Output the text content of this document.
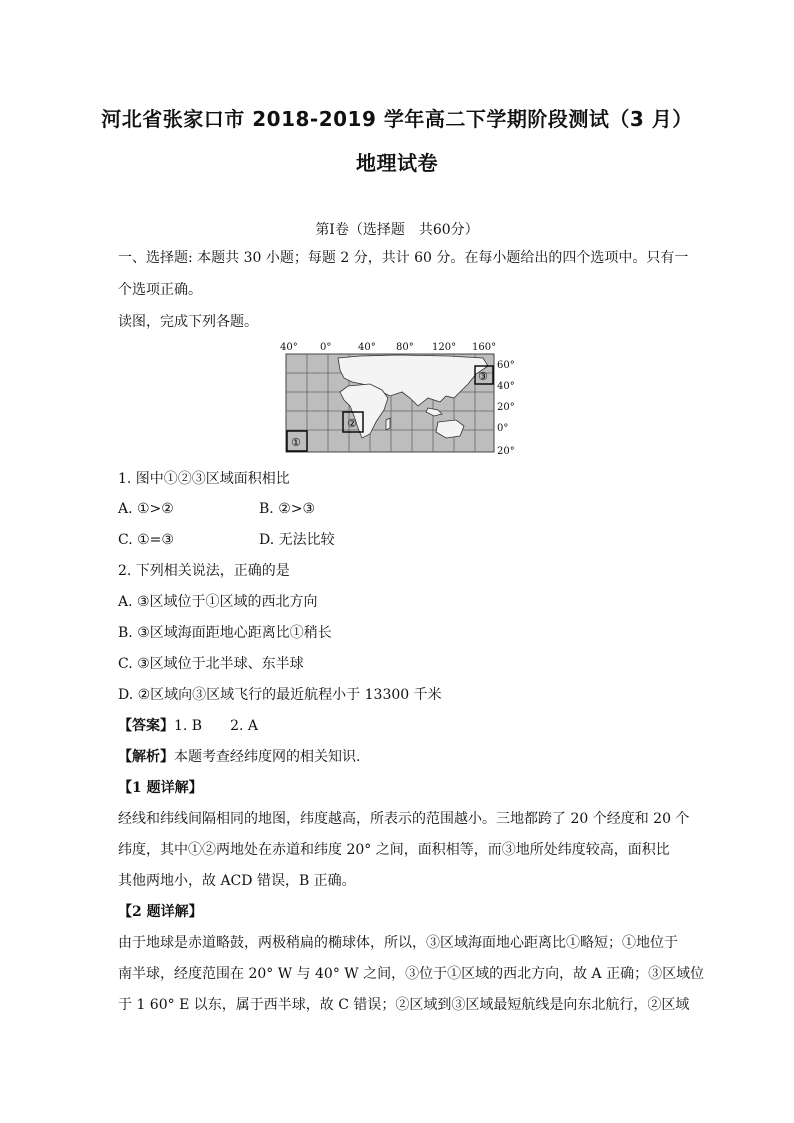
河北省张家口市 2018-2019 学年高二下学期阶段测试（3 月）
地理试卷
第Ⅰ卷（选择题　共60分）
一、选择题: 本题共 30 小题；每题 2 分，共计 60 分。在每小题给出的四个选项中。只有一
个选项正确。
读图，完成下列各题。
40° 0°	40° 80° 120° 160°
60°
40°
20°
0°
20°
①
②
③
1. 图中①②③区域面积相比
A. ①>②	B. ②>③
C. ①=③	D. 无法比较
2. 下列相关说法，正确的是
A. ③区域位于①区域的西北方向
B. ③区域海面距地心距离比①稍长
C. ③区域位于北半球、东半球
D. ②区域向③区域飞行的最近航程小于 13300 千米
【答案】1. B　　2. A
【解析】本题考查经纬度网的相关知识.
【1 题详解】
经线和纬线间隔相同的地图，纬度越高，所表示的范围越小。三地都跨了 20 个经度和 20 个
纬度，其中①②两地处在赤道和纬度 20° 之间，面积相等，而③地所处纬度较高，面积比
其他两地小，故 ACD 错误，B 正确。
【2 题详解】
由于地球是赤道略鼓，两极稍扁的椭球体，所以，③区域海面地心距离比①略短；①地位于
南半球，经度范围在 20° W 与 40° W 之间，③位于①区域的西北方向，故 A 正确；③区域位
于 1 60° E 以东，属于西半球，故 C 错误；②区域到③区域最短航线是向东北航行，②区域
